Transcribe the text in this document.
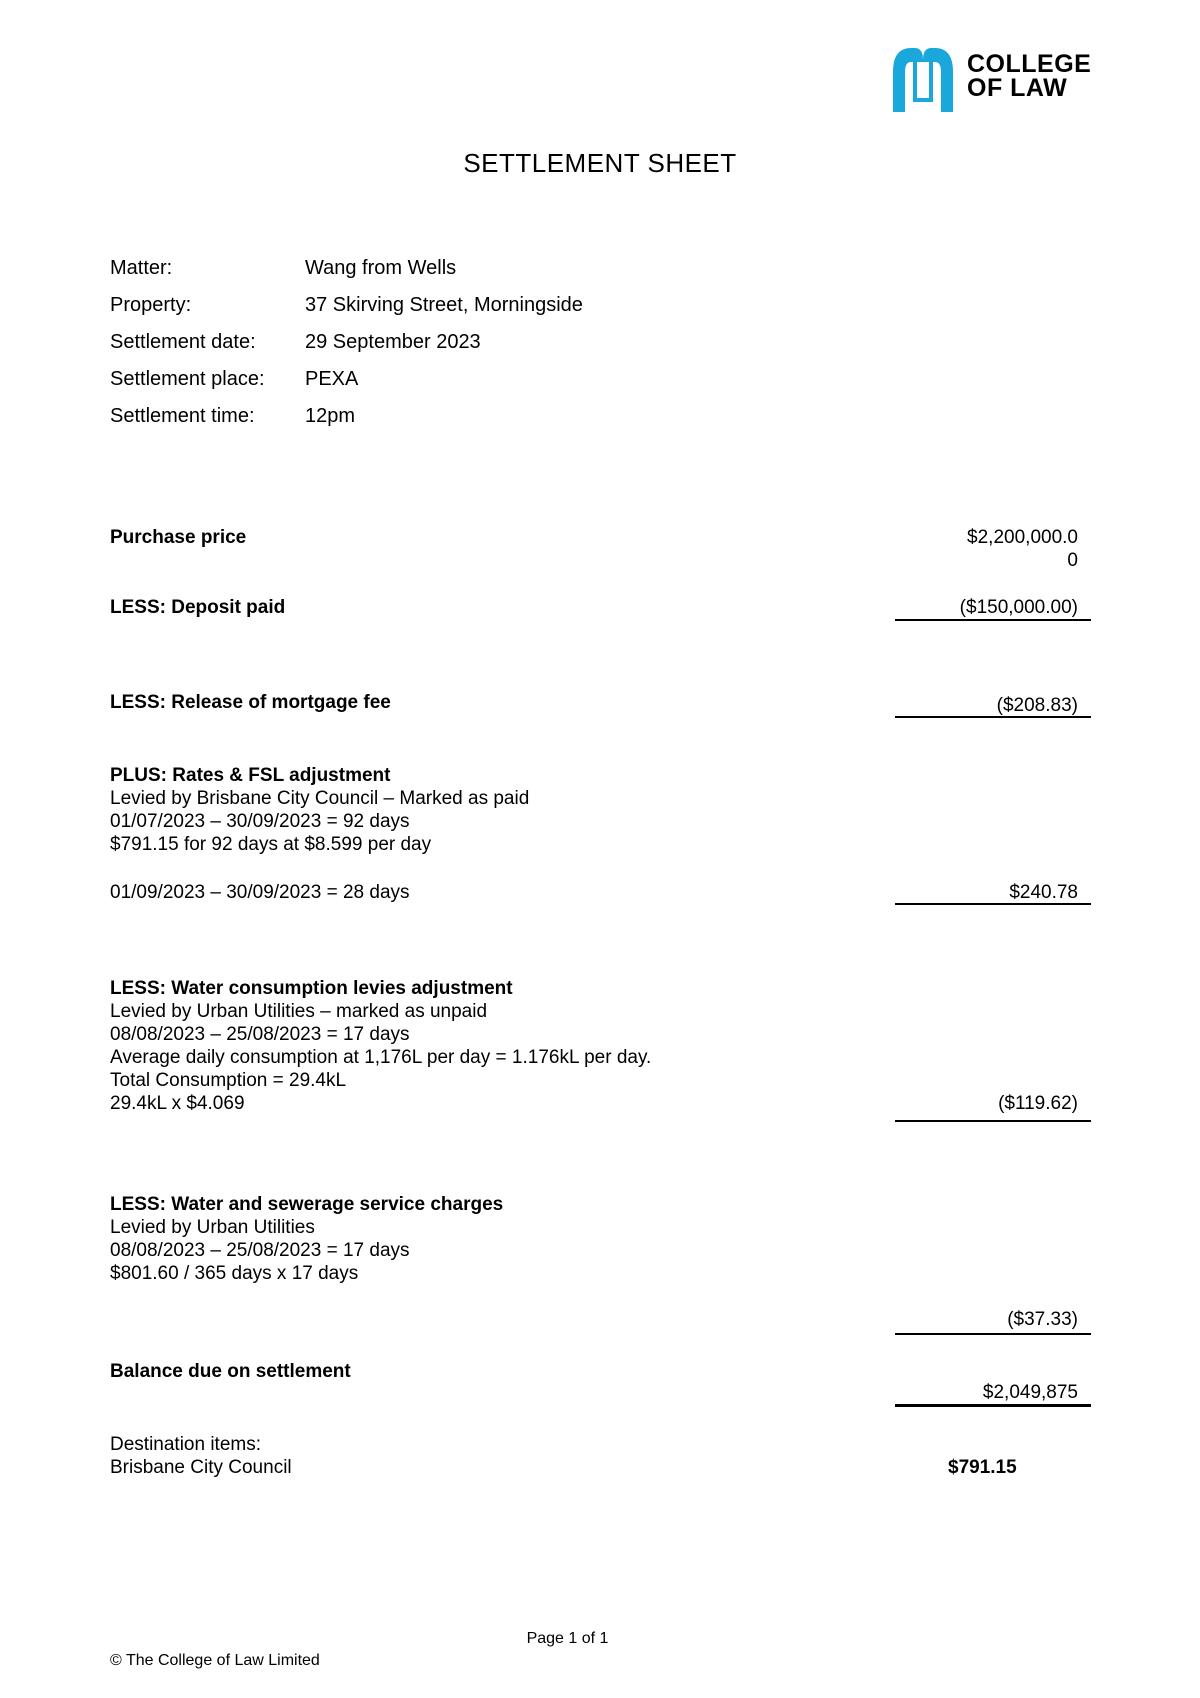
COLLEGE
OF LAW
SETTLEMENT SHEET
Matter:	Wang from Wells
Property:	37 Skirving Street, Morningside
Settlement date: 29 September 2023
Settlement place: PEXA
Settlement time:	12pm
Purchase price	$2,200,000.0
0
LESS: Deposit paid	($150,000.00)
LESS: Release of mortgage fee	($208.83)
PLUS: Rates & FSL adjustment
Levied by Brisbane City Council – Marked as paid
01/07/2023 – 30/09/2023 = 92 days
$791.15 for 92 days at $8.599 per day
01/09/2023 – 30/09/2023 = 28 days	$240.78
LESS: Water consumption levies adjustment
Levied by Urban Utilities – marked as unpaid
08/08/2023 – 25/08/2023 = 17 days
Average daily consumption at 1,176L per day = 1.176kL per day.
Total Consumption = 29.4kL
29.4kL x $4.069	($119.62)
LESS: Water and sewerage service charges
Levied by Urban Utilities
08/08/2023 – 25/08/2023 = 17 days
$801.60 / 365 days x 17 days
($37.33)
Balance due on settlement
$2,049,875
Destination items:
Brisbane City Council	$791.15
Page 1 of 1
© The College of Law Limited
